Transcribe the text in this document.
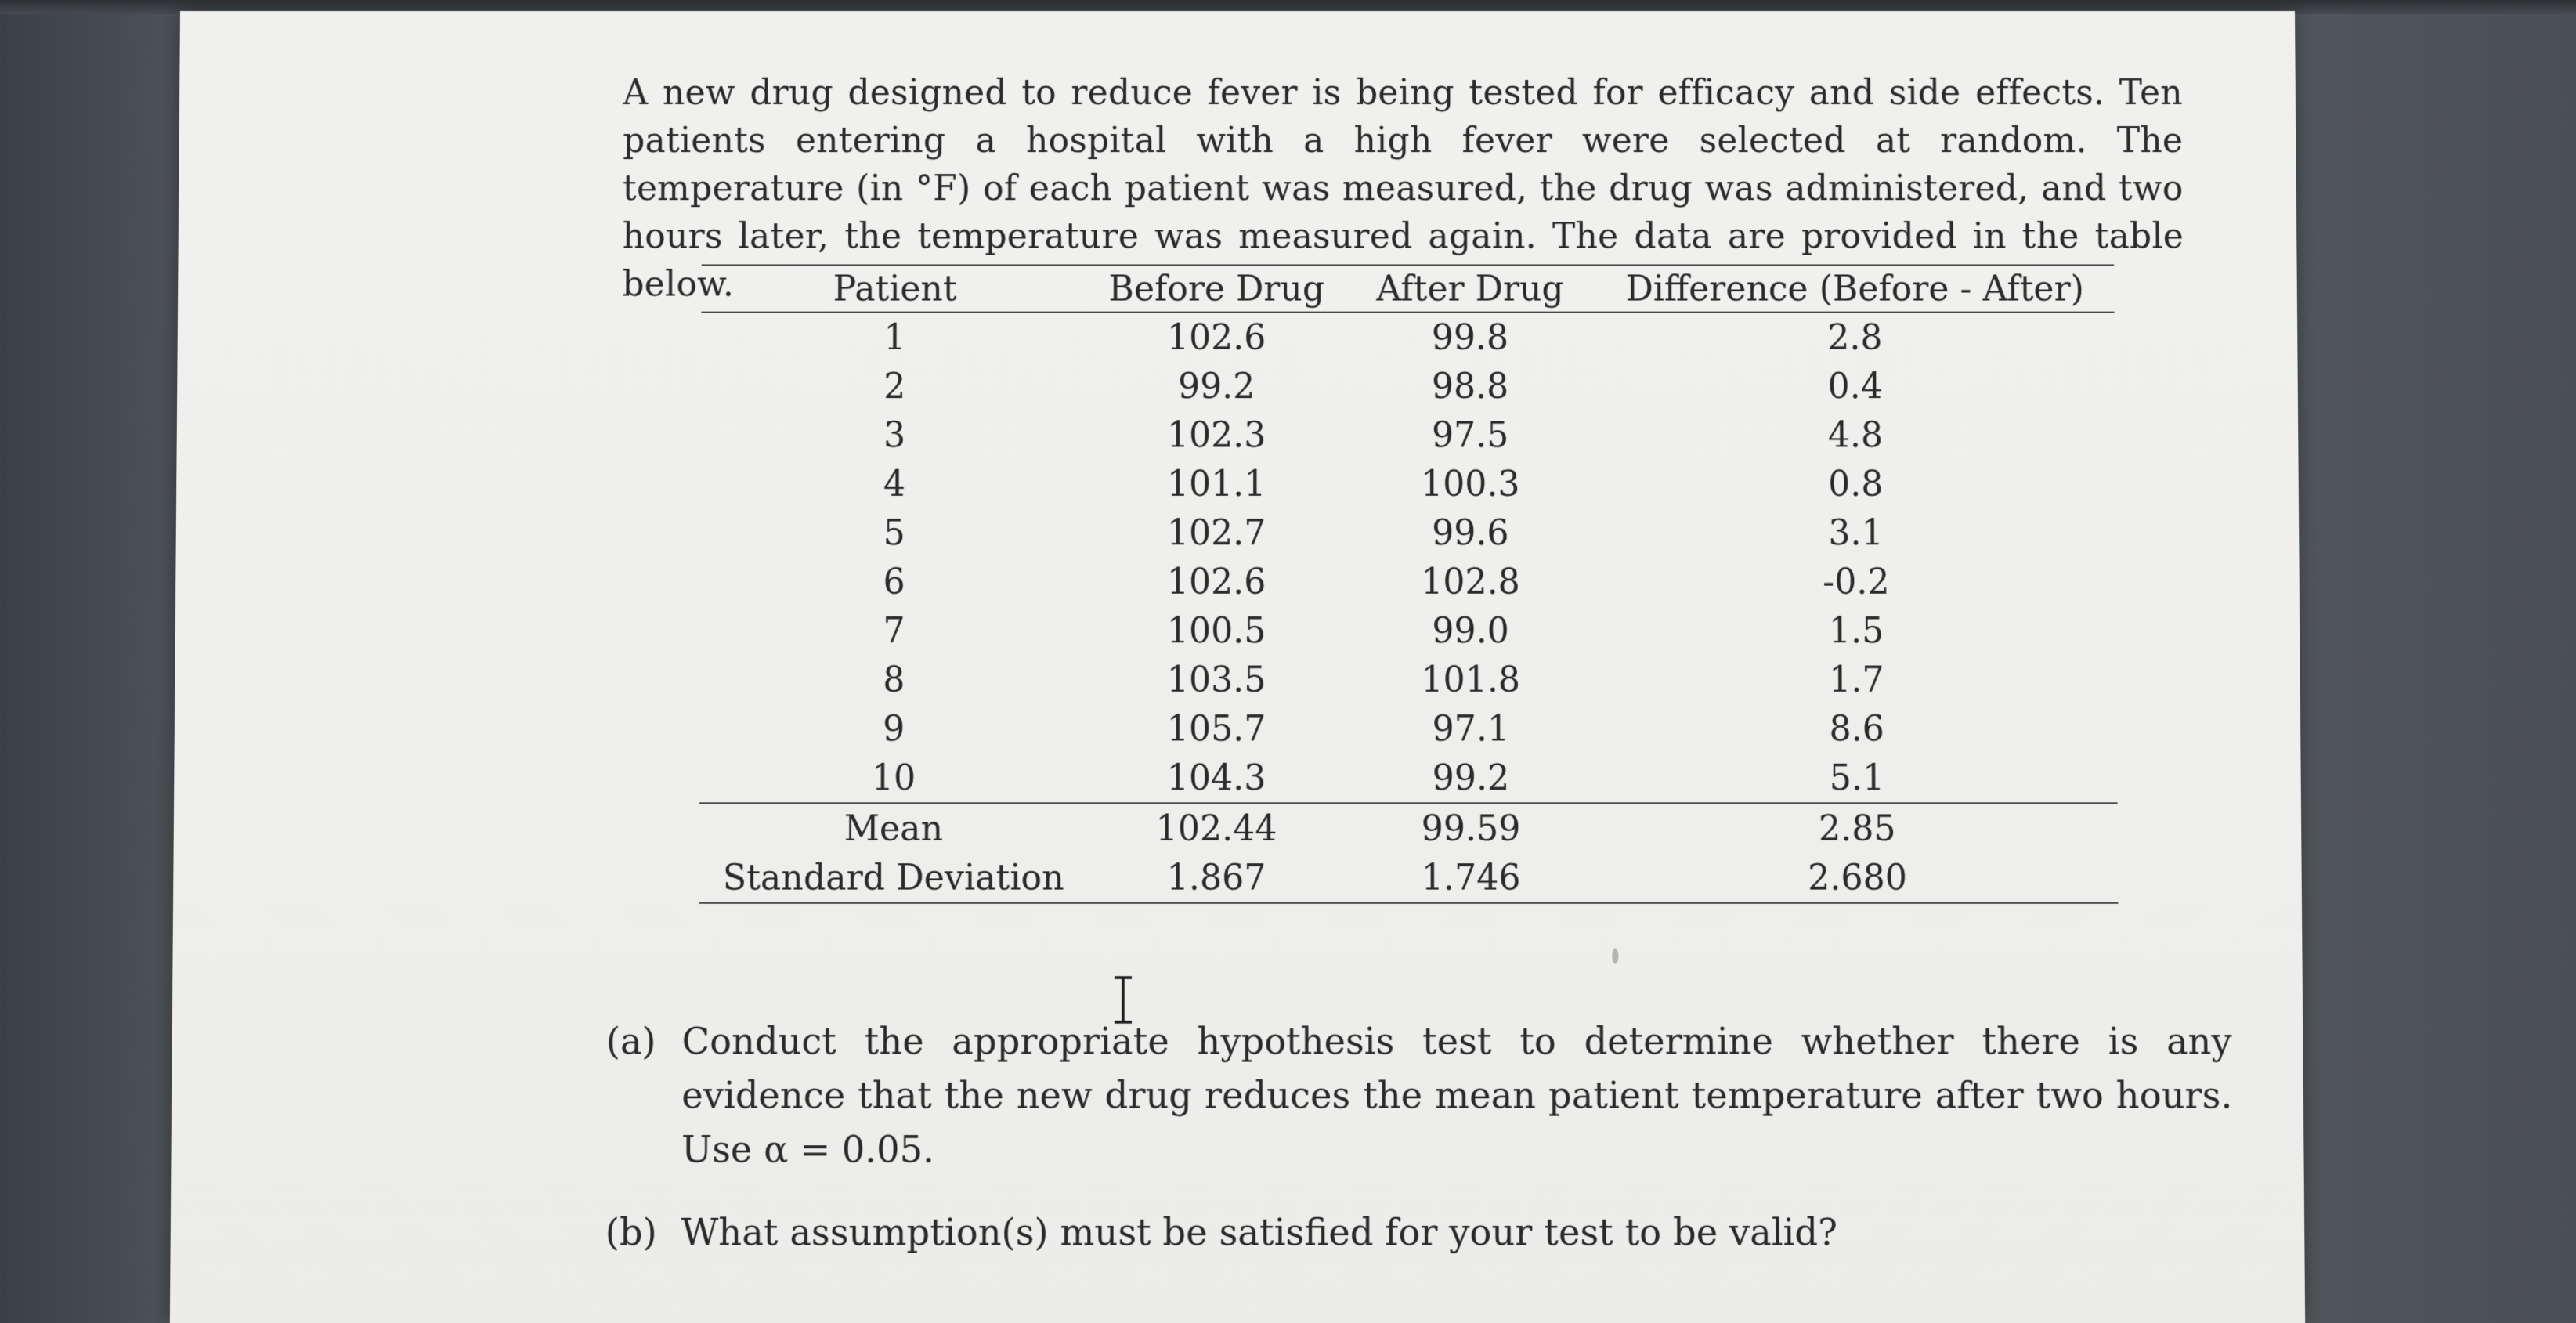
A new drug designed to reduce fever is being tested for efficacy and side effects. Ten patients entering a hospital with a high fever were selected at random. The temperature (in °F) of each patient was measured, the drug was administered, and two hours later, the temperature was measured again. The data are provided in the table below.	Patient	Before Drug	After Drug	Difference (Before - After)
1	102.6	99.8	2.8
2	99.2	98.8	0.4
3	102.3	97.5	4.8
4	101.1	100.3	0.8
5	102.7	99.6	3.1
6	102.6	102.8	-0.2
7	100.5	99.0	1.5
8	103.5	101.8	1.7
9	105.7	97.1	8.6
10	104.3	99.2	5.1
Mean	102.44	99.59	2.85
Standard Deviation	1.867	1.746	2.680
(a) Conduct the appropriate hypothesis test to determine whether there is any evidence that the new drug reduces the mean patient temperature after two hours. Use α = 0.05.
(b) What assumption(s) must be satisfied for your test to be valid?
